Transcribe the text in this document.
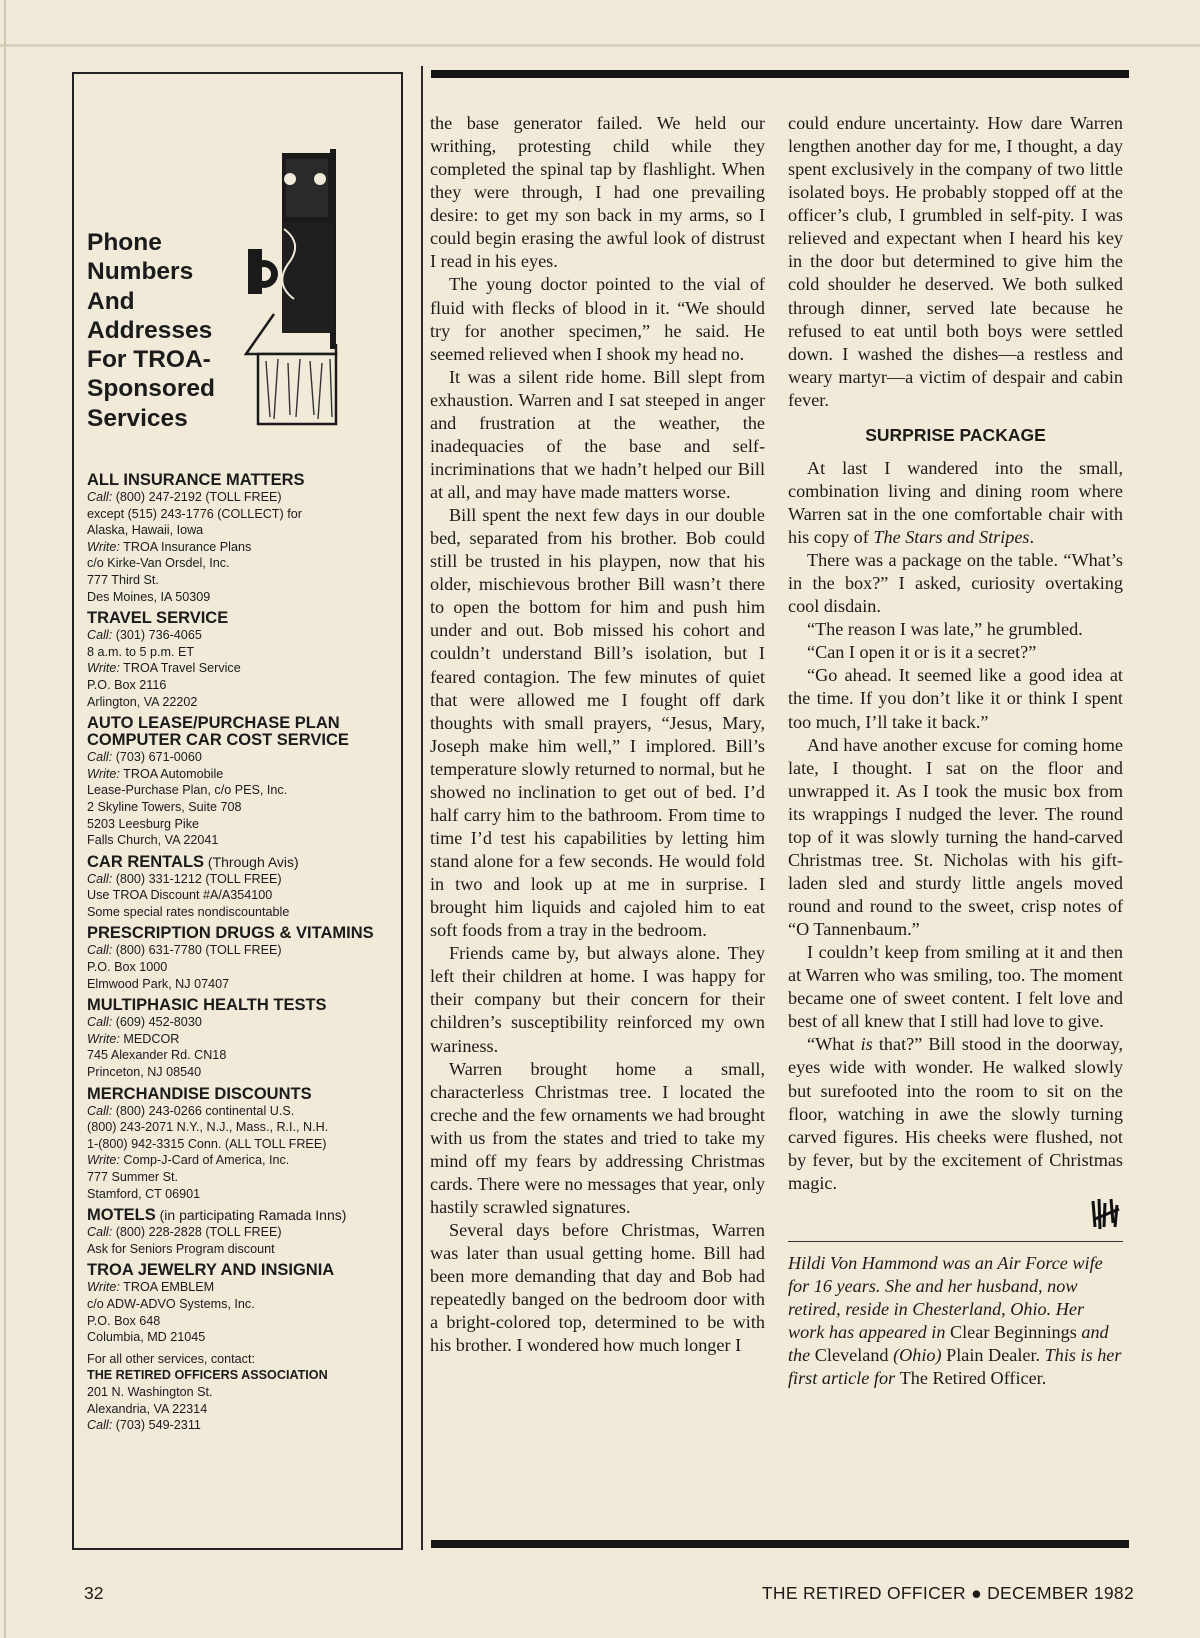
Phone
Numbers
And
Addresses
For TROA-
Sponsored
Services
ALL INSURANCE MATTERS
Call: (800) 247-2192 (TOLL FREE)
except (515) 243-1776 (COLLECT) for
Alaska, Hawaii, Iowa
Write: TROA Insurance Plans
c/o Kirke-Van Orsdel, Inc.
777 Third St.
Des Moines, IA 50309
TRAVEL SERVICE
Call: (301) 736-4065
8 a.m. to 5 p.m. ET
Write: TROA Travel Service
P.O. Box 2116
Arlington, VA 22202
AUTO LEASE/PURCHASE PLAN
COMPUTER CAR COST SERVICE
Call: (703) 671-0060
Write: TROA Automobile
Lease-Purchase Plan, c/o PES, Inc.
2 Skyline Towers, Suite 708
5203 Leesburg Pike
Falls Church, VA 22041
CAR RENTALS (Through Avis)
Call: (800) 331-1212 (TOLL FREE)
Use TROA Discount #A/A354100
Some special rates nondiscountable
PRESCRIPTION DRUGS & VITAMINS
Call: (800) 631-7780 (TOLL FREE)
P.O. Box 1000
Elmwood Park, NJ 07407
MULTIPHASIC HEALTH TESTS
Call: (609) 452-8030
Write: MEDCOR
745 Alexander Rd. CN18
Princeton, NJ 08540
MERCHANDISE DISCOUNTS
Call: (800) 243-0266 continental U.S.
(800) 243-2071 N.Y., N.J., Mass., R.I., N.H.
1-(800) 942-3315 Conn. (ALL TOLL FREE)
Write: Comp-J-Card of America, Inc.
777 Summer St.
Stamford, CT 06901
MOTELS (in participating Ramada Inns)
Call: (800) 228-2828 (TOLL FREE)
Ask for Seniors Program discount
TROA JEWELRY AND INSIGNIA
Write: TROA EMBLEM
c/o ADW-ADVO Systems, Inc.
P.O. Box 648
Columbia, MD 21045
For all other services, contact:
THE RETIRED OFFICERS ASSOCIATION
201 N. Washington St.
Alexandria, VA 22314
Call: (703) 549-2311

the base generator failed. We held our writhing, protesting child while they completed the spinal tap by flashlight. When they were through, I had one prevailing desire: to get my son back in my arms, so I could begin erasing the awful look of distrust I read in his eyes.

The young doctor pointed to the vial of fluid with flecks of blood in it. “We should try for another specimen,” he said. He seemed relieved when I shook my head no.

It was a silent ride home. Bill slept from exhaustion. Warren and I sat steeped in anger and frustration at the weather, the inadequacies of the base and self-incriminations that we hadn’t helped our Bill at all, and may have made matters worse.

Bill spent the next few days in our double bed, separated from his brother. Bob could still be trusted in his playpen, now that his older, mischievous brother Bill wasn’t there to open the bottom for him and push him under and out. Bob missed his cohort and couldn’t understand Bill’s isolation, but I feared contagion. The few minutes of quiet that were allowed me I fought off dark thoughts with small prayers, “Jesus, Mary, Joseph make him well,” I implored. Bill’s temperature slowly returned to normal, but he showed no inclination to get out of bed. I’d half carry him to the bathroom. From time to time I’d test his capabilities by letting him stand alone for a few seconds. He would fold in two and look up at me in surprise. I brought him liquids and cajoled him to eat soft foods from a tray in the bedroom.

Friends came by, but always alone. They left their children at home. I was happy for their company but their concern for their children’s susceptibility reinforced my own wariness.

Warren brought home a small, characterless Christmas tree. I located the creche and the few ornaments we had brought with us from the states and tried to take my mind off my fears by addressing Christmas cards. There were no messages that year, only hastily scrawled signatures.

Several days before Christmas, Warren was later than usual getting home. Bill had been more demanding that day and Bob had repeatedly banged on the bedroom door with a bright-colored top, determined to be with his brother. I wondered how much longer I

could endure uncertainty. How dare Warren lengthen another day for me, I thought, a day spent exclusively in the company of two little isolated boys. He probably stopped off at the officer’s club, I grumbled in self-pity. I was relieved and expectant when I heard his key in the door but determined to give him the cold shoulder he deserved. We both sulked through dinner, served late because he refused to eat until both boys were settled down. I washed the dishes—a restless and weary martyr—a victim of despair and cabin fever.

SURPRISE PACKAGE

At last I wandered into the small, combination living and dining room where Warren sat in the one comfortable chair with his copy of The Stars and Stripes.

There was a package on the table. “What’s in the box?” I asked, curiosity overtaking cool disdain.

“The reason I was late,” he grumbled.

“Can I open it or is it a secret?”

“Go ahead. It seemed like a good idea at the time. If you don’t like it or think I spent too much, I’ll take it back.”

And have another excuse for coming home late, I thought. I sat on the floor and unwrapped it. As I took the music box from its wrappings I nudged the lever. The round top of it was slowly turning the hand-carved Christmas tree. St. Nicholas with his gift-laden sled and sturdy little angels moved round and round to the sweet, crisp notes of “O Tannenbaum.”

I couldn’t keep from smiling at it and then at Warren who was smiling, too. The moment became one of sweet content. I felt love and best of all knew that I still had love to give.

“What is that?” Bill stood in the doorway, eyes wide with wonder. He walked slowly but surefooted into the room to sit on the floor, watching in awe the slowly turning carved figures. His cheeks were flushed, not by fever, but by the excitement of Christmas magic.

Hildi Von Hammond was an Air Force wife for 16 years. She and her husband, now retired, reside in Chesterland, Ohio. Her work has appeared in Clear Beginnings and the Cleveland (Ohio) Plain Dealer. This is her first article for The Retired Officer.
32	THE RETIRED OFFICER ● DECEMBER 1982
